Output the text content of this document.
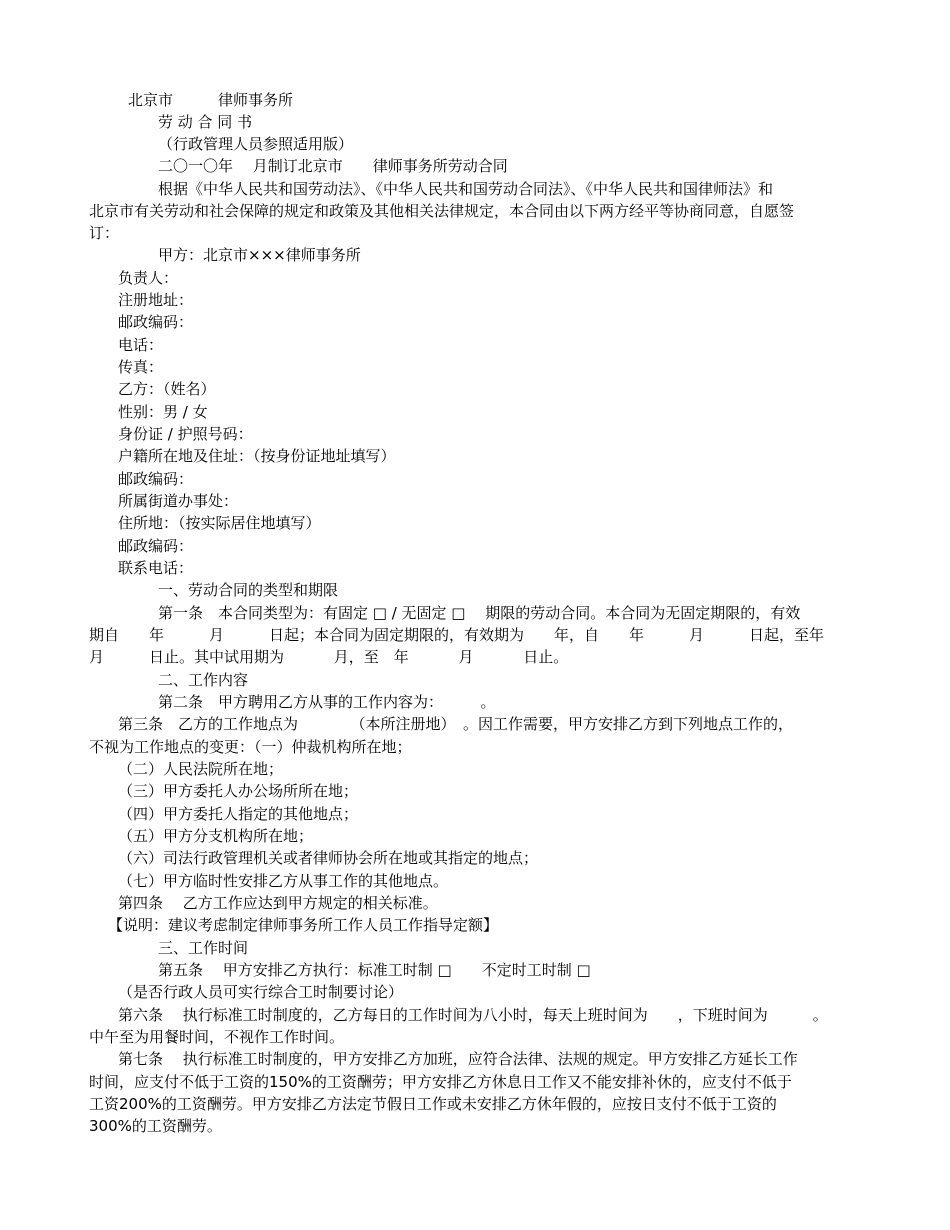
北京市　　　律师事务所
劳 动 合 同 书
（行政管理人员参照适用版）
二〇一〇年　 月制订北京市　　律师事务所劳动合同
根据《中华人民共和国劳动法》、《中华人民共和国劳动合同法》、《中华人民共和国律师法》和
北京市有关劳动和社会保障的规定和政策及其他相关法律规定，本合同由以下两方经平等协商同意，自愿签
订：
甲方：北京市×××律师事务所
负责人：
注册地址：
邮政编码：
电话：
传真：
乙方：（姓名）
性别：男 / 女
身份证 / 护照号码：
户籍所在地及住址：（按身份证地址填写）
邮政编码：
所属街道办事处：
住所地：（按实际居住地填写）
邮政编码：
联系电话：
一、劳动合同的类型和期限
第一条　本合同类型为：有固定 □ / 无固定 □　 期限的劳动合同。本合同为无固定期限的，有效
期自　　年　　　月　　　日起；本合同为固定期限的，有效期为　　年，自　　年　　　月　　　日起，至年
月　　　日止。其中试用期为　　　 月，至　年　　　 月　　　 日止。
二、工作内容
第二条　甲方聘用乙方从事的工作内容为：　　　。
第三条　乙方的工作地点为　　　　（本所注册地）　。因工作需要，甲方安排乙方到下列地点工作的，
不视为工作地点的变更：（一）仲裁机构所在地；
（二）人民法院所在地；
（三）甲方委托人办公场所所在地；
（四）甲方委托人指定的其他地点；
（五）甲方分支机构所在地；
（六）司法行政管理机关或者律师协会所在地或其指定的地点；
（七）甲方临时性安排乙方从事工作的其他地点。
第四条　 乙方工作应达到甲方规定的相关标准。
【说明：建议考虑制定律师事务所工作人员工作指导定额】
三、工作时间
第五条　 甲方安排乙方执行：标准工时制 □　　不定时工时制 □
（是否行政人员可实行综合工时制要讨论）
第六条　 执行标准工时制度的，乙方每日的工作时间为八小时，每天上班时间为　　，下班时间为　　　。
中午至为用餐时间，不视作工作时间。
第七条　 执行标准工时制度的，甲方安排乙方加班，应符合法律、法规的规定。甲方安排乙方延长工作
时间，应支付不低于工资的150%的工资酬劳；甲方安排乙方休息日工作又不能安排补休的，应支付不低于
工资200%的工资酬劳。甲方安排乙方法定节假日工作或未安排乙方休年假的，应按日支付不低于工资的
300%的工资酬劳。
